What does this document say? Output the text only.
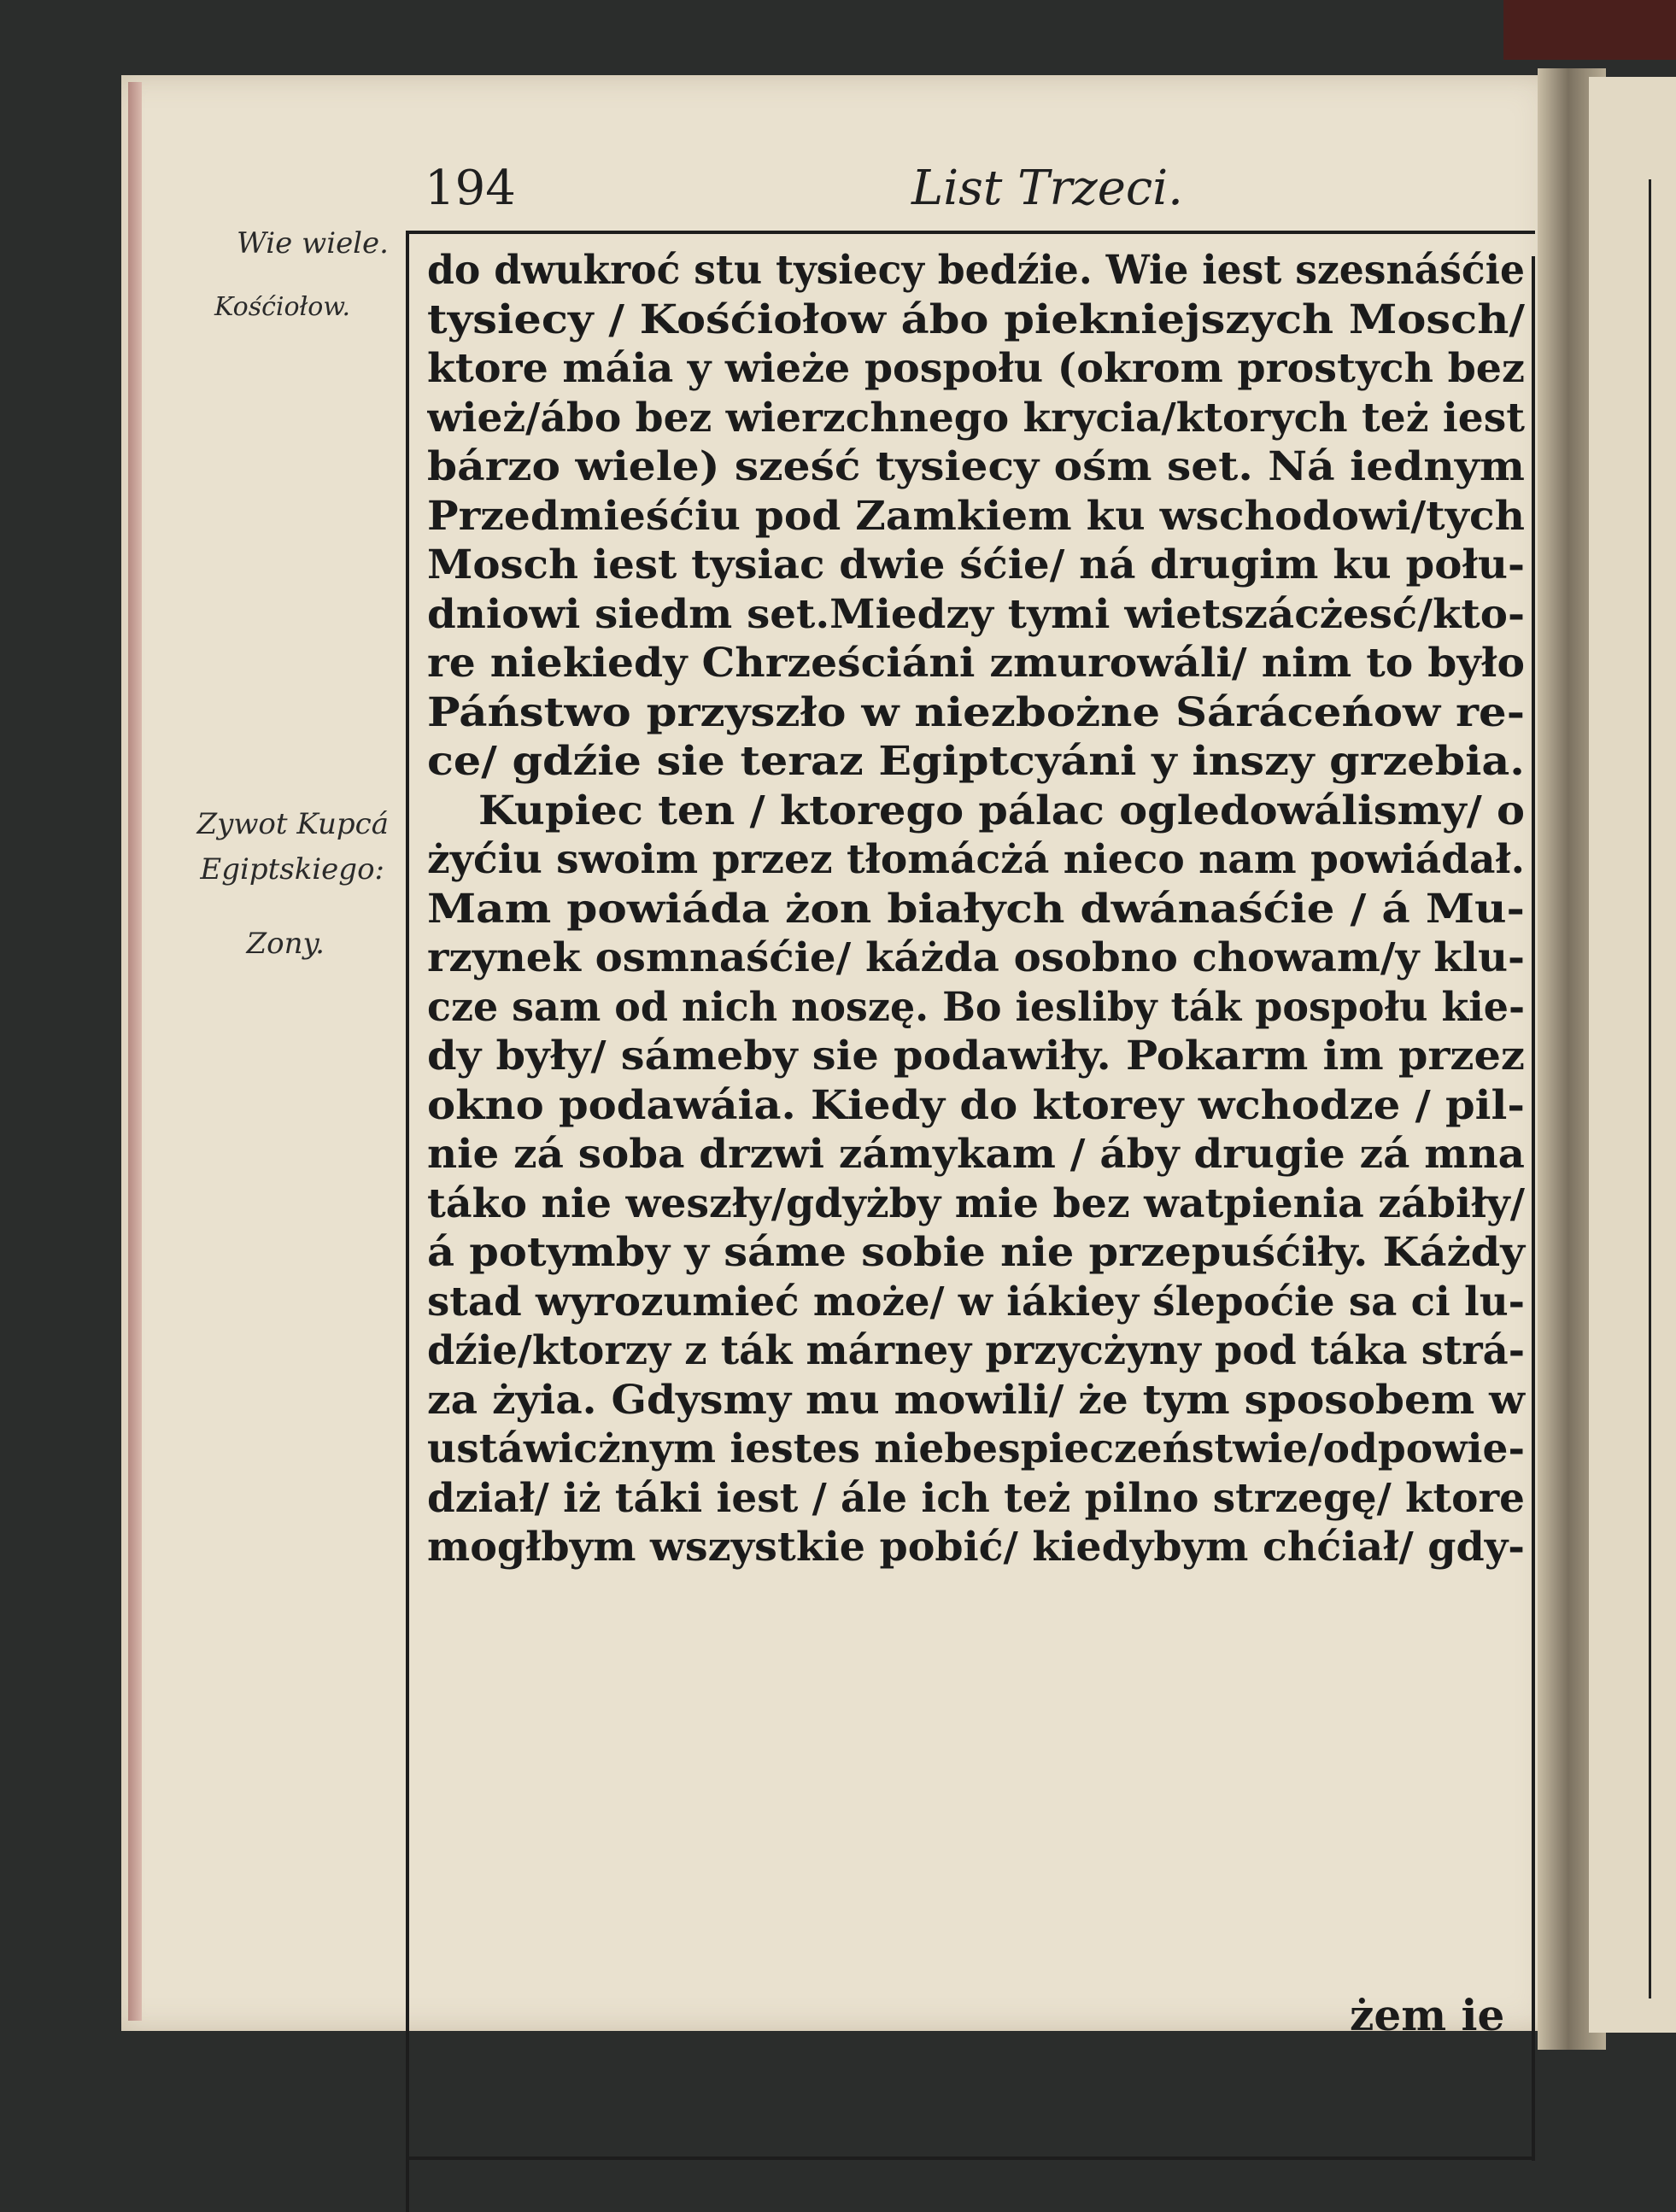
Wie wiele.
Kośćiołow.
Zywot Kupcá
Egiptskiego:
Zony.
194	List Trzeci.
do dwukroć stu tysiecy bedźie. Wie iest szesnáśćie
tysiecy / Kośćiołow ábo piekniejszych Mosch/
ktore máia y wieże pospołu (okrom prostych bez
wież/ábo bez wierzchnego krycia/ktorych też iest
bárzo wiele) sześć tysiecy ośm set. Ná iednym
Przedmieśćiu pod Zamkiem ku wschodowi/tych
Mosch iest tysiac dwie śćie/ ná drugim ku połu-
dniowi siedm set.Miedzy tymi wietszácżesć/kto-
re niekiedy Chrześciáni zmurowáli/ nim to było
Páństwo przyszło w niezbożne Sáráceńow re-
ce/ gdźie sie teraz Egiptcyáni y inszy grzebia.
Kupiec ten / ktorego pálac ogledowálismy/ o
żyćiu swoim przez tłomácżá nieco nam powiádał.
Mam powiáda żon białych dwánaśćie / á Mu-
rzynek osmnaśćie/ káżda osobno chowam/y klu-
cze sam od nich noszę. Bo iesliby ták pospołu kie-
dy były/ sámeby sie podawiły. Pokarm im przez
okno podawáia. Kiedy do ktorey wchodze / pil-
nie zá soba drzwi zámykam / áby drugie zá mna
táko nie weszły/gdyżby mie bez watpienia zábiły/
á potymby y sáme sobie nie przepuśćiły. Káżdy
stad wyrozumieć może/ w iákiey ślepoćie sa ci lu-
dźie/ktorzy z ták márney przycżyny pod táka strá-
za żyia. Gdysmy mu mowili/ że tym sposobem w
ustáwicżnym iestes niebespieczeństwie/odpowie-
dział/ iż táki iest / ále ich też pilno strzegę/ ktore
mogłbym wszystkie pobić/ kiedybym chćiał/ gdy-
żem ie
